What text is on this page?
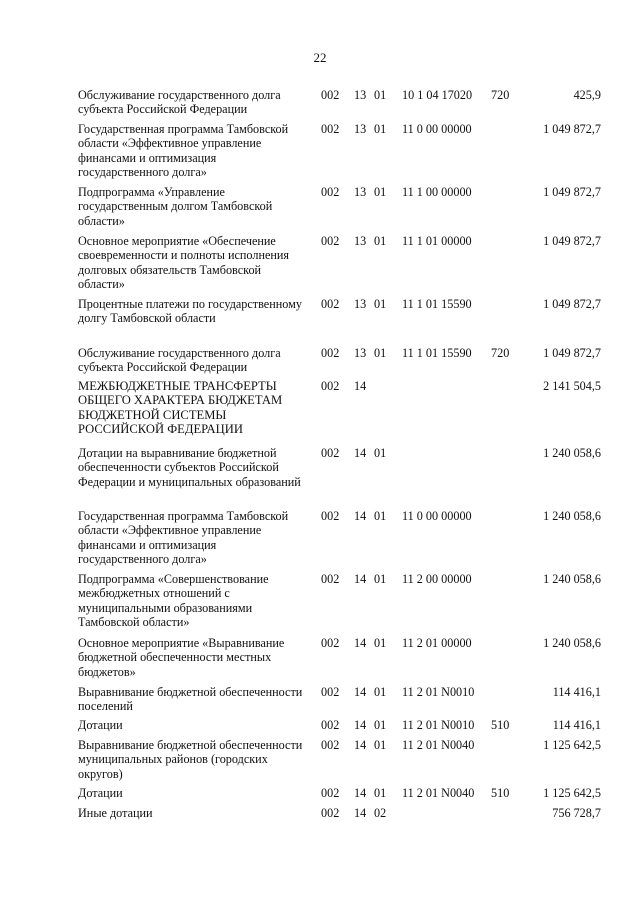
22
Обслуживание государственного долга субъекта Российской Федерации
002 13 01 10 1 04 17020 720	425,9
Государственная программа Тамбовской области «Эффективное управление финансами и оптимизация государственного долга»
002 13 01 11 0 00 00000	1 049 872,7
Подпрограмма «Управление государственным долгом Тамбовской области»
002 13 01 11 1 00 00000	1 049 872,7
Основное мероприятие «Обеспечение своевременности и полноты исполнения долговых обязательств Тамбовской области»
002 13 01 11 1 01 00000	1 049 872,7
Процентные платежи по государственному долгу Тамбовской области
002 13 01 11 1 01 15590	1 049 872,7
Обслуживание государственного долга субъекта Российской Федерации
002 13 01 11 1 01 15590 720	1 049 872,7
МЕЖБЮДЖЕТНЫЕ ТРАНСФЕРТЫ ОБЩЕГО ХАРАКТЕРА БЮДЖЕТАМ БЮДЖЕТНОЙ СИСТЕМЫ РОССИЙСКОЙ ФЕДЕРАЦИИ
002 14	2 141 504,5
Дотации на выравнивание бюджетной обеспеченности субъектов Российской Федерации и муниципальных образований
002 14 01	1 240 058,6
Государственная программа Тамбовской области «Эффективное управление финансами и оптимизация государственного долга»
002 14 01 11 0 00 00000	1 240 058,6
Подпрограмма «Совершенствование межбюджетных отношений с муниципальными образованиями Тамбовской области»
002 14 01 11 2 00 00000	1 240 058,6
Основное мероприятие «Выравнивание бюджетной обеспеченности местных бюджетов»
002 14 01 11 2 01 00000	1 240 058,6
Выравнивание бюджетной обеспеченности поселений
002 14 01 11 2 01 N0010	114 416,1
Дотации	002 14 01 11 2 01 N0010 510	114 416,1
Выравнивание бюджетной обеспеченности муниципальных районов (городских округов)
002 14 01 11 2 01 N0040	1 125 642,5
Дотации	002 14 01 11 2 01 N0040 510	1 125 642,5
Иные дотации	002 14 02	756 728,7
